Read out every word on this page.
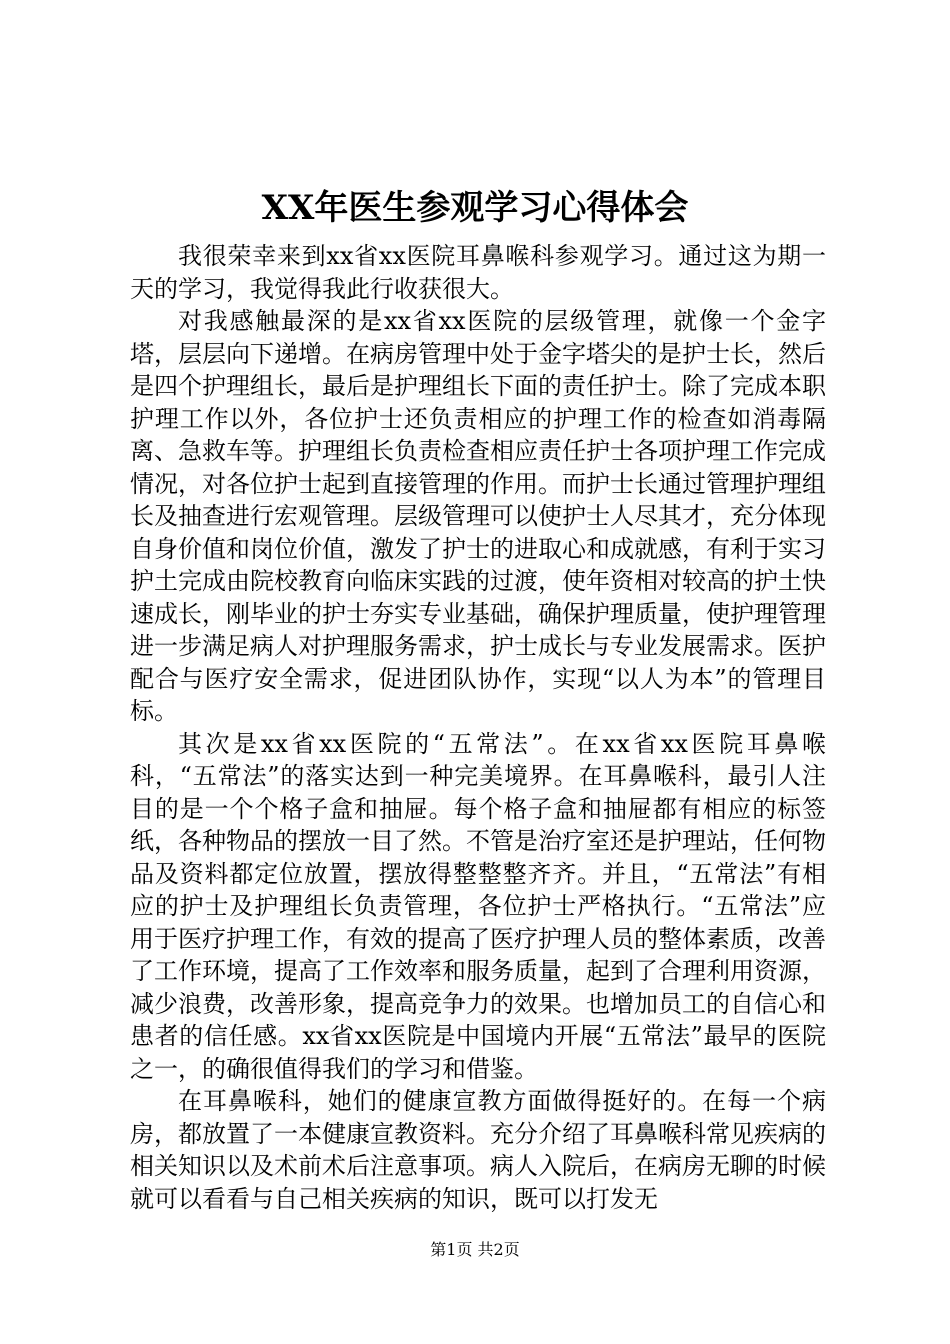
XX年医生参观学习心得体会

我很荣幸来到xx省xx医院耳鼻喉科参观学习。通过这为期一天的学习，我觉得我此行收获很大。

对我感触最深的是xx省xx医院的层级管理，就像一个金字塔，层层向下递增。在病房管理中处于金字塔尖的是护士长，然后是四个护理组长，最后是护理组长下面的责任护士。除了完成本职护理工作以外，各位护士还负责相应的护理工作的检查如消毒隔离、急救车等。护理组长负责检查相应责任护士各项护理工作完成情况，对各位护士起到直接管理的作用。而护士长通过管理护理组长及抽查进行宏观管理。层级管理可以使护士人尽其才，充分体现自身价值和岗位价值，激发了护士的进取心和成就感，有利于实习护土完成由院校教育向临床实践的过渡，使年资相对较高的护土快速成长，刚毕业的护士夯实专业基础，确保护理质量，使护理管理进一步满足病人对护理服务需求，护士成长与专业发展需求。医护配合与医疗安全需求，促进团队协作，实现“以人为本”的管理目标。

其次是xx省xx医院的“五常法”。在xx省xx医院耳鼻喉科，“五常法”的落实达到一种完美境界。在耳鼻喉科，最引人注目的是一个个格子盒和抽屉。每个格子盒和抽屉都有相应的标签纸，各种物品的摆放一目了然。不管是治疗室还是护理站，任何物品及资料都定位放置，摆放得整整整齐齐。并且，“五常法”有相应的护士及护理组长负责管理，各位护士严格执行。“五常法”应用于医疗护理工作，有效的提高了医疗护理人员的整体素质，改善了工作环境，提高了工作效率和服务质量，起到了合理利用资源，减少浪费，改善形象，提高竞争力的效果。也增加员工的自信心和患者的信任感。xx省xx医院是中国境内开展“五常法”最早的医院之一，的确很值得我们的学习和借鉴。

在耳鼻喉科，她们的健康宣教方面做得挺好的。在每一个病房，都放置了一本健康宣教资料。充分介绍了耳鼻喉科常见疾病的相关知识以及术前术后注意事项。病人入院后，在病房无聊的时候就可以看看与自己相关疾病的知识，既可以打发无

第1页 共2页
